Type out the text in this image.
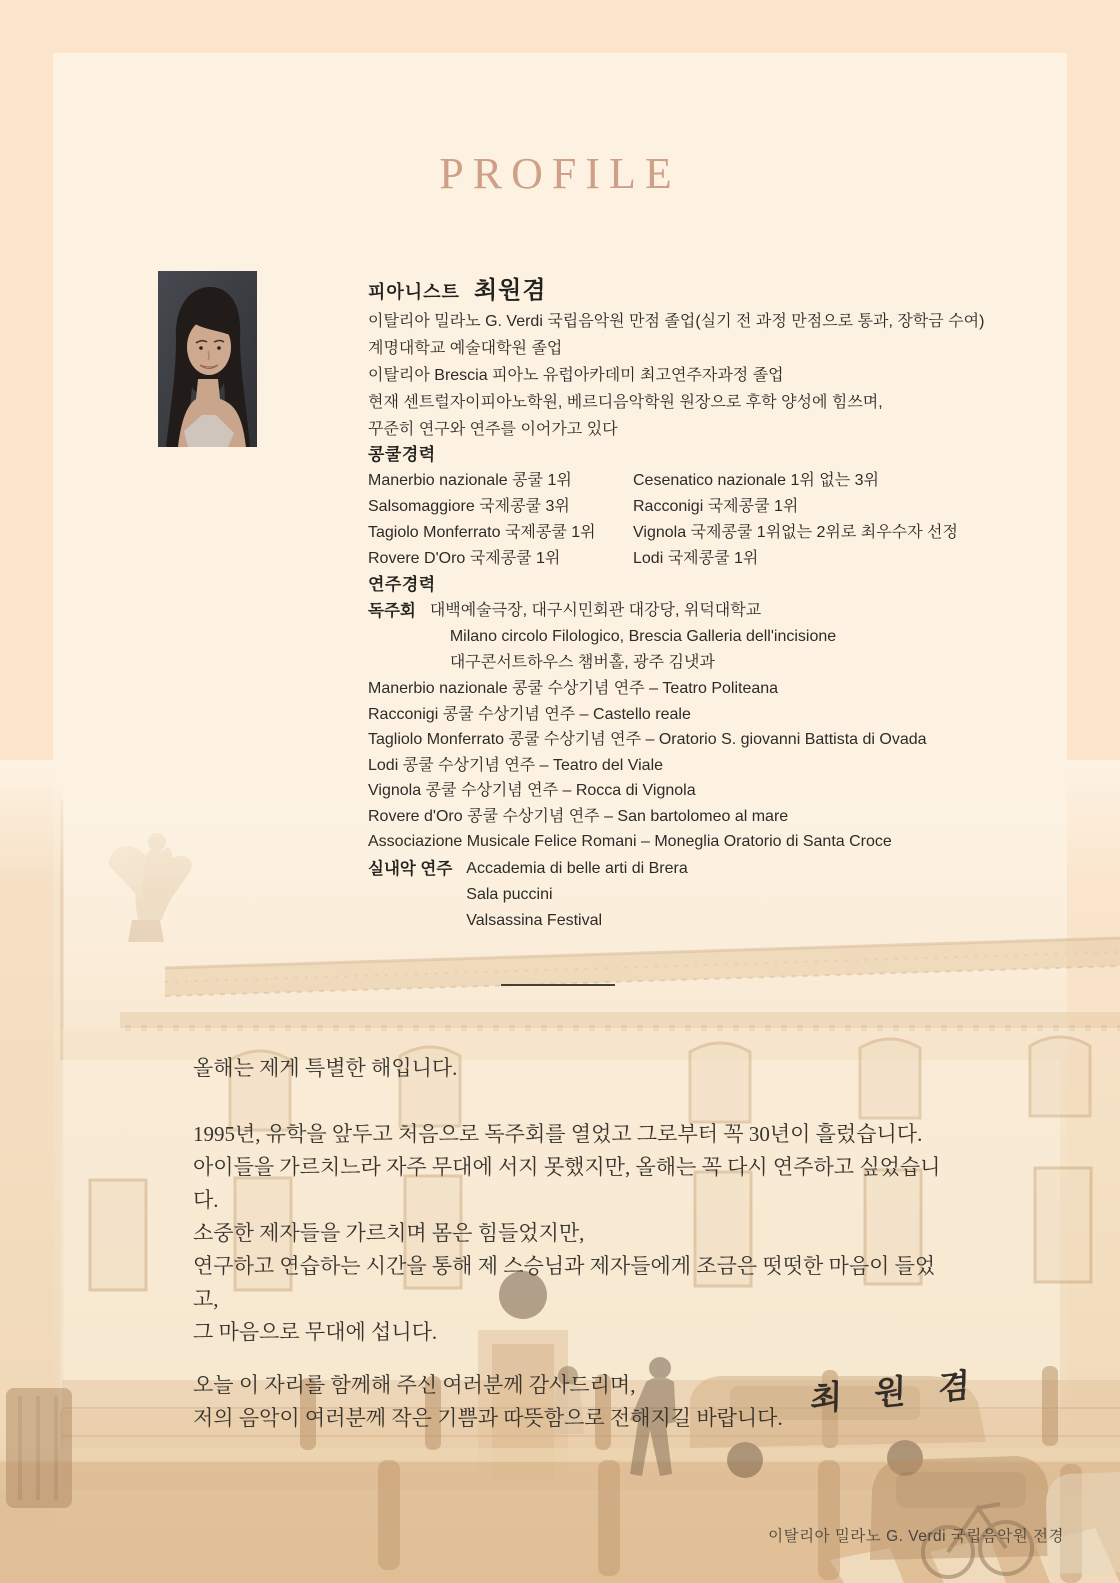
PROFILE
피아니스트 최원겸
이탈리아 밀라노 G. Verdi 국립음악원 만점 졸업(실기 전 과정 만점으로 통과, 장학금 수여)
계명대학교 예술대학원 졸업
이탈리아 Brescia 피아노 유럽아카데미 최고연주자과정 졸업
현재 센트럴자이피아노학원, 베르디음악학원 원장으로 후학 양성에 힘쓰며,
꾸준히 연구와 연주를 이어가고 있다
콩쿨경력
Manerbio nazionale 콩쿨 1위
Salsomaggiore 국제콩쿨 3위
Tagiolo Monferrato 국제콩쿨 1위
Rovere D'Oro 국제콩쿨 1위
Cesenatico nazionale 1위 없는 3위
Racconigi 국제콩쿨 1위
Vignola 국제콩쿨 1위없는 2위로 최우수자 선정
Lodi 국제콩쿨 1위
연주경력
독주회 대백예술극장, 대구시민회관 대강당, 위덕대학교
Milano circolo Filologico, Brescia Galleria dell'incisione
대구콘서트하우스 챔버홀, 광주 김냇과
Manerbio nazionale 콩쿨 수상기념 연주 – Teatro Politeana
Racconigi 콩쿨 수상기념 연주 – Castello reale
Tagliolo Monferrato 콩쿨 수상기념 연주 – Oratorio S. giovanni Battista di Ovada
Lodi 콩쿨 수상기념 연주 – Teatro del Viale
Vignola 콩쿨 수상기념 연주 – Rocca di Vignola
Rovere d'Oro 콩쿨 수상기념 연주 – San bartolomeo al mare
Associazione Musicale Felice Romani – Moneglia Oratorio di Santa Croce
실내악 연주 Accademia di belle arti di Brera
Sala puccini
Valsassina Festival

올해는 제게 특별한 해입니다.

1995년, 유학을 앞두고 처음으로 독주회를 열었고 그로부터 꼭 30년이 흘렀습니다.
아이들을 가르치느라 자주 무대에 서지 못했지만, 올해는 꼭 다시 연주하고 싶었습니다.
소중한 제자들을 가르치며 몸은 힘들었지만,
연구하고 연습하는 시간을 통해 제 스승님과 제자들에게 조금은 떳떳한 마음이 들었고,
그 마음으로 무대에 섭니다.

오늘 이 자리를 함께해 주신 여러분께 감사드리며,
저의 음악이 여러분께 작은 기쁨과 따뜻함으로 전해지길 바랍니다. 최 원 겸
이탈리아 밀라노 G. Verdi 국립음악원 전경
